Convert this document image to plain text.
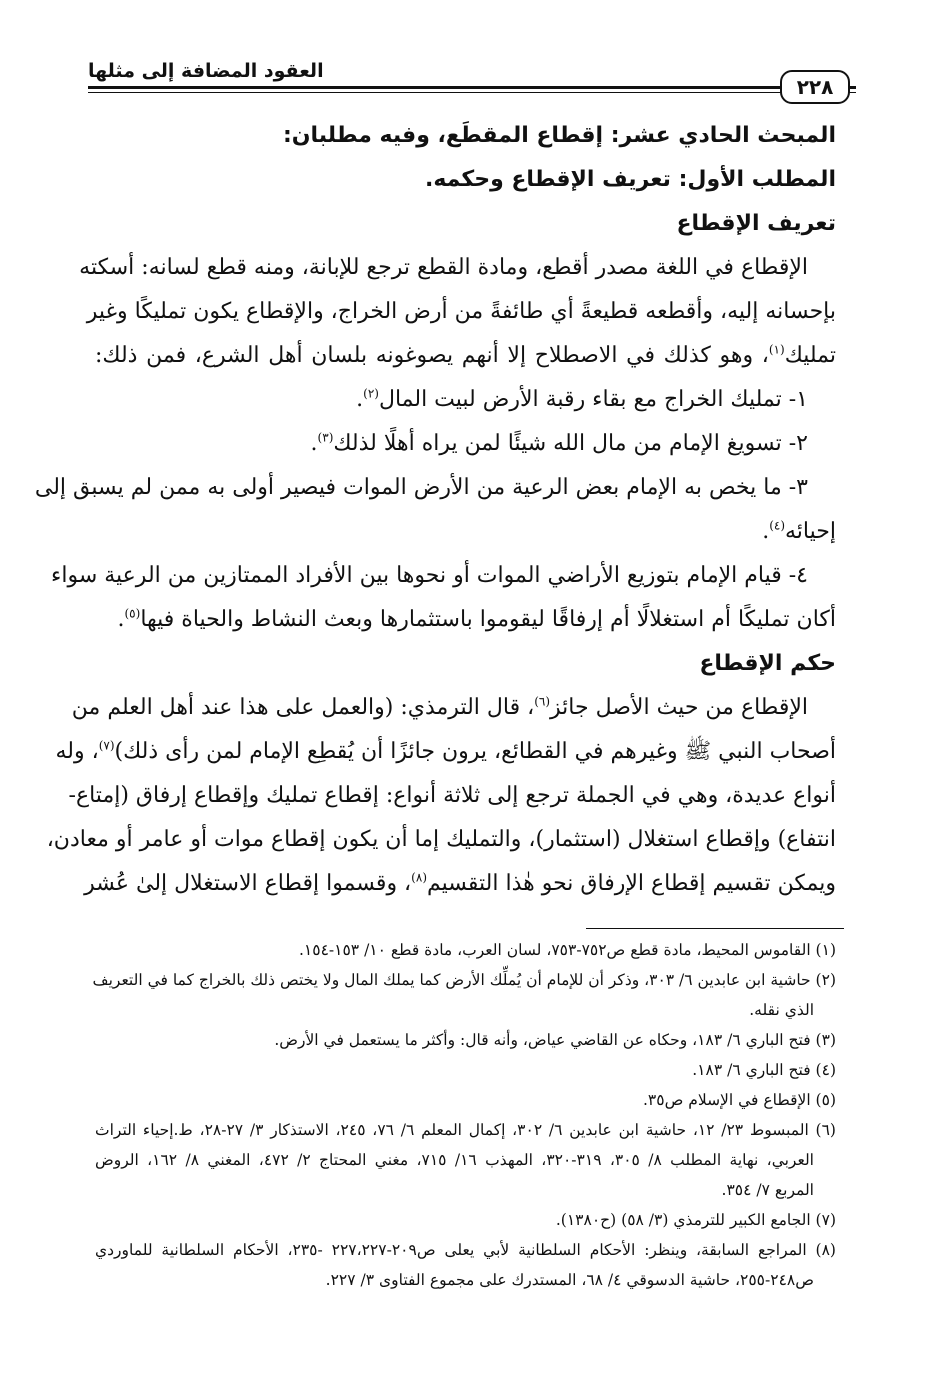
العقود المضافة إلى مثلها
٢٢٨
المبحث الحادي عشر: إقطاع المقطَع، وفيه مطلبان:
المطلب الأول: تعريف الإقطاع وحكمه.
تعريف الإقطاع
الإقطاع في اللغة مصدر أقطع، ومادة القطع ترجع للإبانة، ومنه قطع لسانه: أسكته
بإحسانه إليه، وأقطعه قطيعةً أي طائفةً من أرض الخراج، والإقطاع يكون تمليكًا وغير
تمليك$^{(١)}$، وهو كذلك في الاصطلاح إلا أنهم يصوغونه بلسان أهل الشرع، فمن ذلك:
١- تمليك الخراج مع بقاء رقبة الأرض لبيت المال$^{(٢)}$.
٢- تسويغ الإمام من مال الله شيئًا لمن يراه أهلًا لذلك$^{(٣)}$.
٣- ما يخص به الإمام بعض الرعية من الأرض الموات فيصير أولى به ممن لم يسبق إلى
إحيائه$^{(٤)}$.
٤- قيام الإمام بتوزيع الأراضي الموات أو نحوها بين الأفراد الممتازين من الرعية سواء
أكان تمليكًا أم استغلالًا أم إرفاقًا ليقوموا باستثمارها وبعث النشاط والحياة فيها$^{(٥)}$.
حكم الإقطاع
الإقطاع من حيث الأصل جائز$^{(٦)}$، قال الترمذي: (والعمل على هذا عند أهل العلم من
أصحاب النبي ﷺ وغيرهم في القطائع، يرون جائزًا أن يُقطِع الإمام لمن رأى ذلك)$^{(٧)}$، وله
أنواع عديدة، وهي في الجملة ترجع إلى ثلاثة أنواع: إقطاع تمليك وإقطاع إرفاق (إمتاع-
انتفاع) وإقطاع استغلال (استثمار)، والتمليك إما أن يكون إقطاع موات أو عامر أو معادن،
ويمكن تقسيم إقطاع الإرفاق نحو هٰذا التقسيم$^{(٨)}$، وقسموا إقطاع الاستغلال إلىٰ عُشر
(١) القاموس المحيط، مادة قطع ص٧٥٢-٧٥٣، لسان العرب، مادة قطع ١٠/ ١٥٣-١٥٤.
(٢) حاشية ابن عابدين ٦/ ٣٠٣، وذكر أن للإمام أن يُملِّك الأرض كما يملك المال ولا يختص ذلك بالخراج كما في التعريف
الذي نقله.
(٣) فتح الباري ٦/ ١٨٣، وحكاه عن القاضي عياض، وأنه قال: وأكثر ما يستعمل في الأرض.
(٤) فتح الباري ٦/ ١٨٣.
(٥) الإقطاع في الإسلام ص٣٥.
(٦) المبسوط ٢٣/ ١٢، حاشية ابن عابدين ٦/ ٣٠٢، إكمال المعلم ٦/ ٧٦، ٢٤٥، الاستذكار ٣/ ٢٧-٢٨، ط.إحياء التراث
العربي، نهاية المطلب ٨/ ٣٠٥، ٣١٩-٣٢٠، المهذب ١٦/ ٧١٥، مغني المحتاج ٢/ ٤٧٢، المغني ٨/ ١٦٢، الروض
المربع ٧/ ٣٥٤.
(٧) الجامع الكبير للترمذي (٣/ ٥٨) (ح١٣٨٠).
(٨) المراجع السابقة، وينظر: الأحكام السلطانية لأبي يعلى ص٢٠٩-٢٢٧،٢٢٧ -٢٣٥، الأحكام السلطانية للماوردي
ص٢٤٨-٢٥٥، حاشية الدسوقي ٤/ ٦٨، المستدرك على مجموع الفتاوى ٣/ ٢٢٧.
